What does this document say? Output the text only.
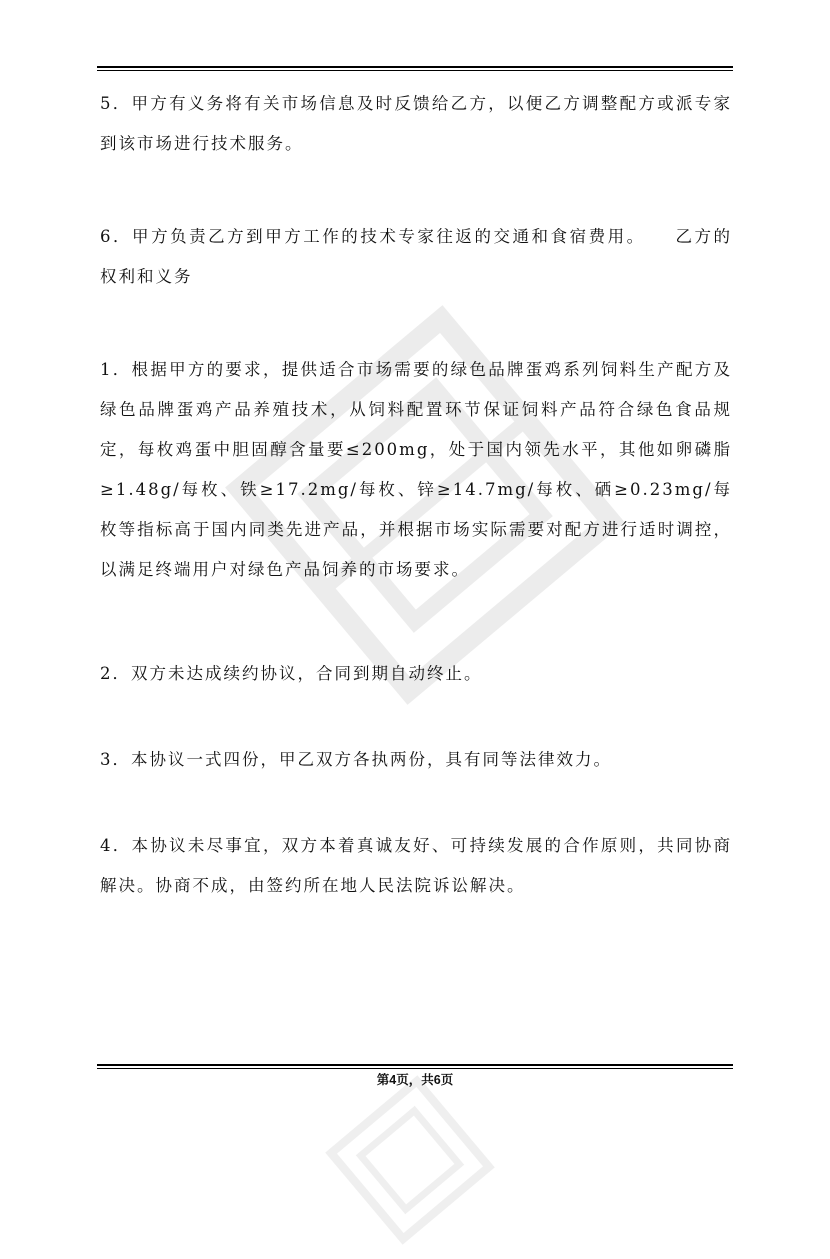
5．甲方有义务将有关市场信息及时反馈给乙方，以便乙方调整配方或派专家到该市场进行技术服务。

6．甲方负责乙方到甲方工作的技术专家往返的交通和食宿费用。　　乙方的权利和义务

1．根据甲方的要求，提供适合市场需要的绿色品牌蛋鸡系列饲料生产配方及绿色品牌蛋鸡产品养殖技术，从饲料配置环节保证饲料产品符合绿色食品规定，每枚鸡蛋中胆固醇含量要≤200mg，处于国内领先水平，其他如卵磷脂≥1.48g/每枚、铁≥17.2mg/每枚、锌≥14.7mg/每枚、硒≥0.23mg/每枚等指标高于国内同类先进产品，并根据市场实际需要对配方进行适时调控，以满足终端用户对绿色产品饲养的市场要求。

2．双方未达成续约协议，合同到期自动终止。

3．本协议一式四份，甲乙双方各执两份，具有同等法律效力。

4．本协议未尽事宜，双方本着真诚友好、可持续发展的合作原则，共同协商解决。协商不成，由签约所在地人民法院诉讼解决。

第4页，共6页
